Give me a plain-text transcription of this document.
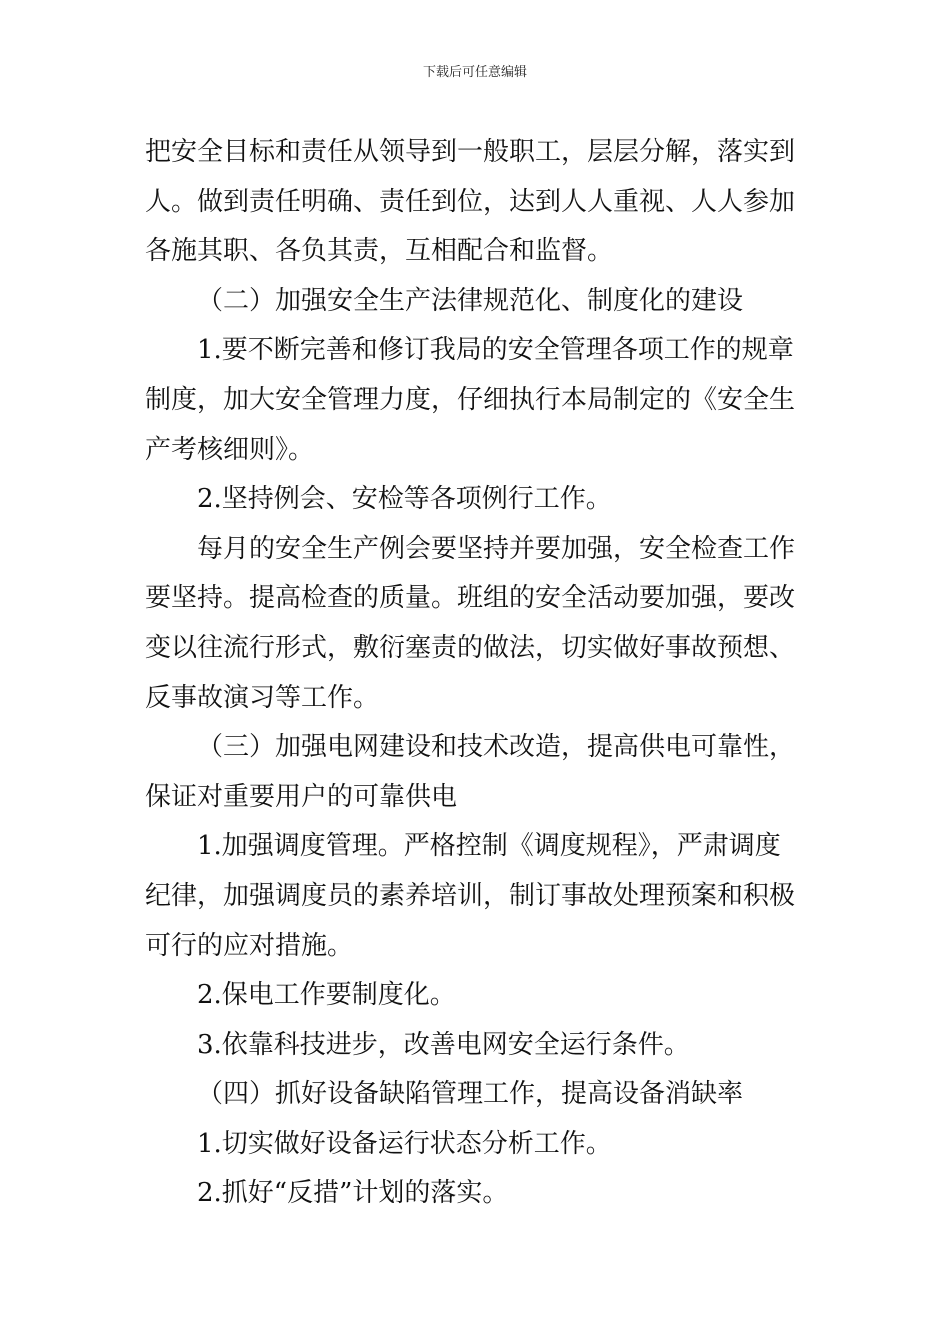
下载后可任意编辑
把安全目标和责任从领导到一般职工，层层分解，落实到
人。做到责任明确、责任到位，达到人人重视、人人参加
各施其职、各负其责，互相配合和监督。
（二）加强安全生产法律规范化、制度化的建设
1.要不断完善和修订我局的安全管理各项工作的规章
制度，加大安全管理力度，仔细执行本局制定的《安全生
产考核细则》。
2.坚持例会、安检等各项例行工作。
每月的安全生产例会要坚持并要加强，安全检查工作
要坚持。提高检查的质量。班组的安全活动要加强，要改
变以往流行形式，敷衍塞责的做法，切实做好事故预想、
反事故演习等工作。
（三）加强电网建设和技术改造，提高供电可靠性，
保证对重要用户的可靠供电
1.加强调度管理。严格控制《调度规程》，严肃调度
纪律，加强调度员的素养培训，制订事故处理预案和积极
可行的应对措施。
2.保电工作要制度化。
3.依靠科技进步，改善电网安全运行条件。
（四）抓好设备缺陷管理工作，提高设备消缺率
1.切实做好设备运行状态分析工作。
2.抓好“反措”计划的落实。
